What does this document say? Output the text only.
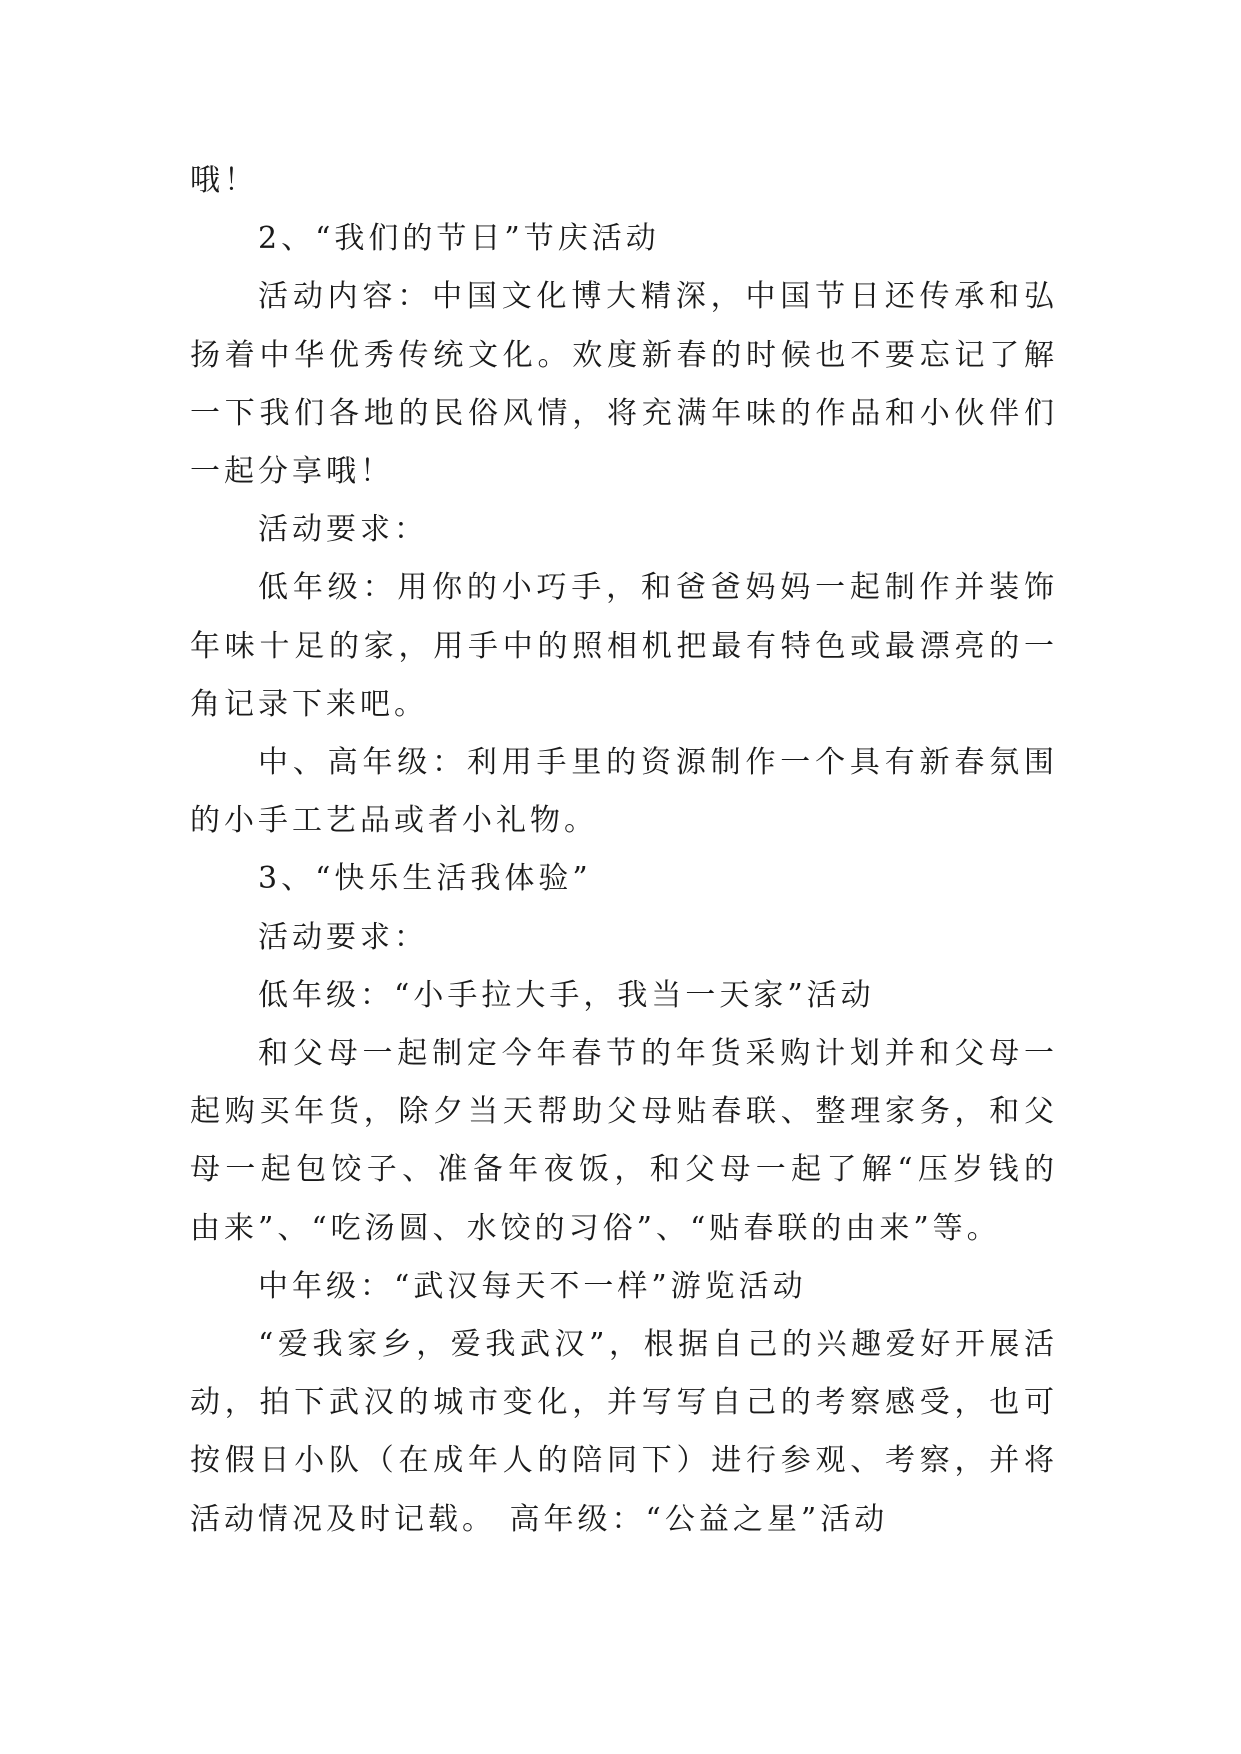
哦！

2、“我们的节日”节庆活动

活动内容：中国文化博大精深，中国节日还传承和弘扬着中华优秀传统文化。欢度新春的时候也不要忘记了解一下我们各地的民俗风情，将充满年味的作品和小伙伴们一起分享哦！

活动要求：

低年级：用你的小巧手，和爸爸妈妈一起制作并装饰年味十足的家，用手中的照相机把最有特色或最漂亮的一角记录下来吧。

中、高年级：利用手里的资源制作一个具有新春氛围的小手工艺品或者小礼物。

3、“快乐生活我体验”

活动要求：

低年级：“小手拉大手，我当一天家”活动

和父母一起制定今年春节的年货采购计划并和父母一起购买年货，除夕当天帮助父母贴春联、整理家务，和父母一起包饺子、准备年夜饭，和父母一起了解“压岁钱的由来”、“吃汤圆、水饺的习俗”、“贴春联的由来”等。

中年级：“武汉每天不一样”游览活动

“爱我家乡，爱我武汉”，根据自己的兴趣爱好开展活动，拍下武汉的城市变化，并写写自己的考察感受，也可按假日小队（在成年人的陪同下）进行参观、考察，并将活动情况及时记载。 高年级：“公益之星”活动
